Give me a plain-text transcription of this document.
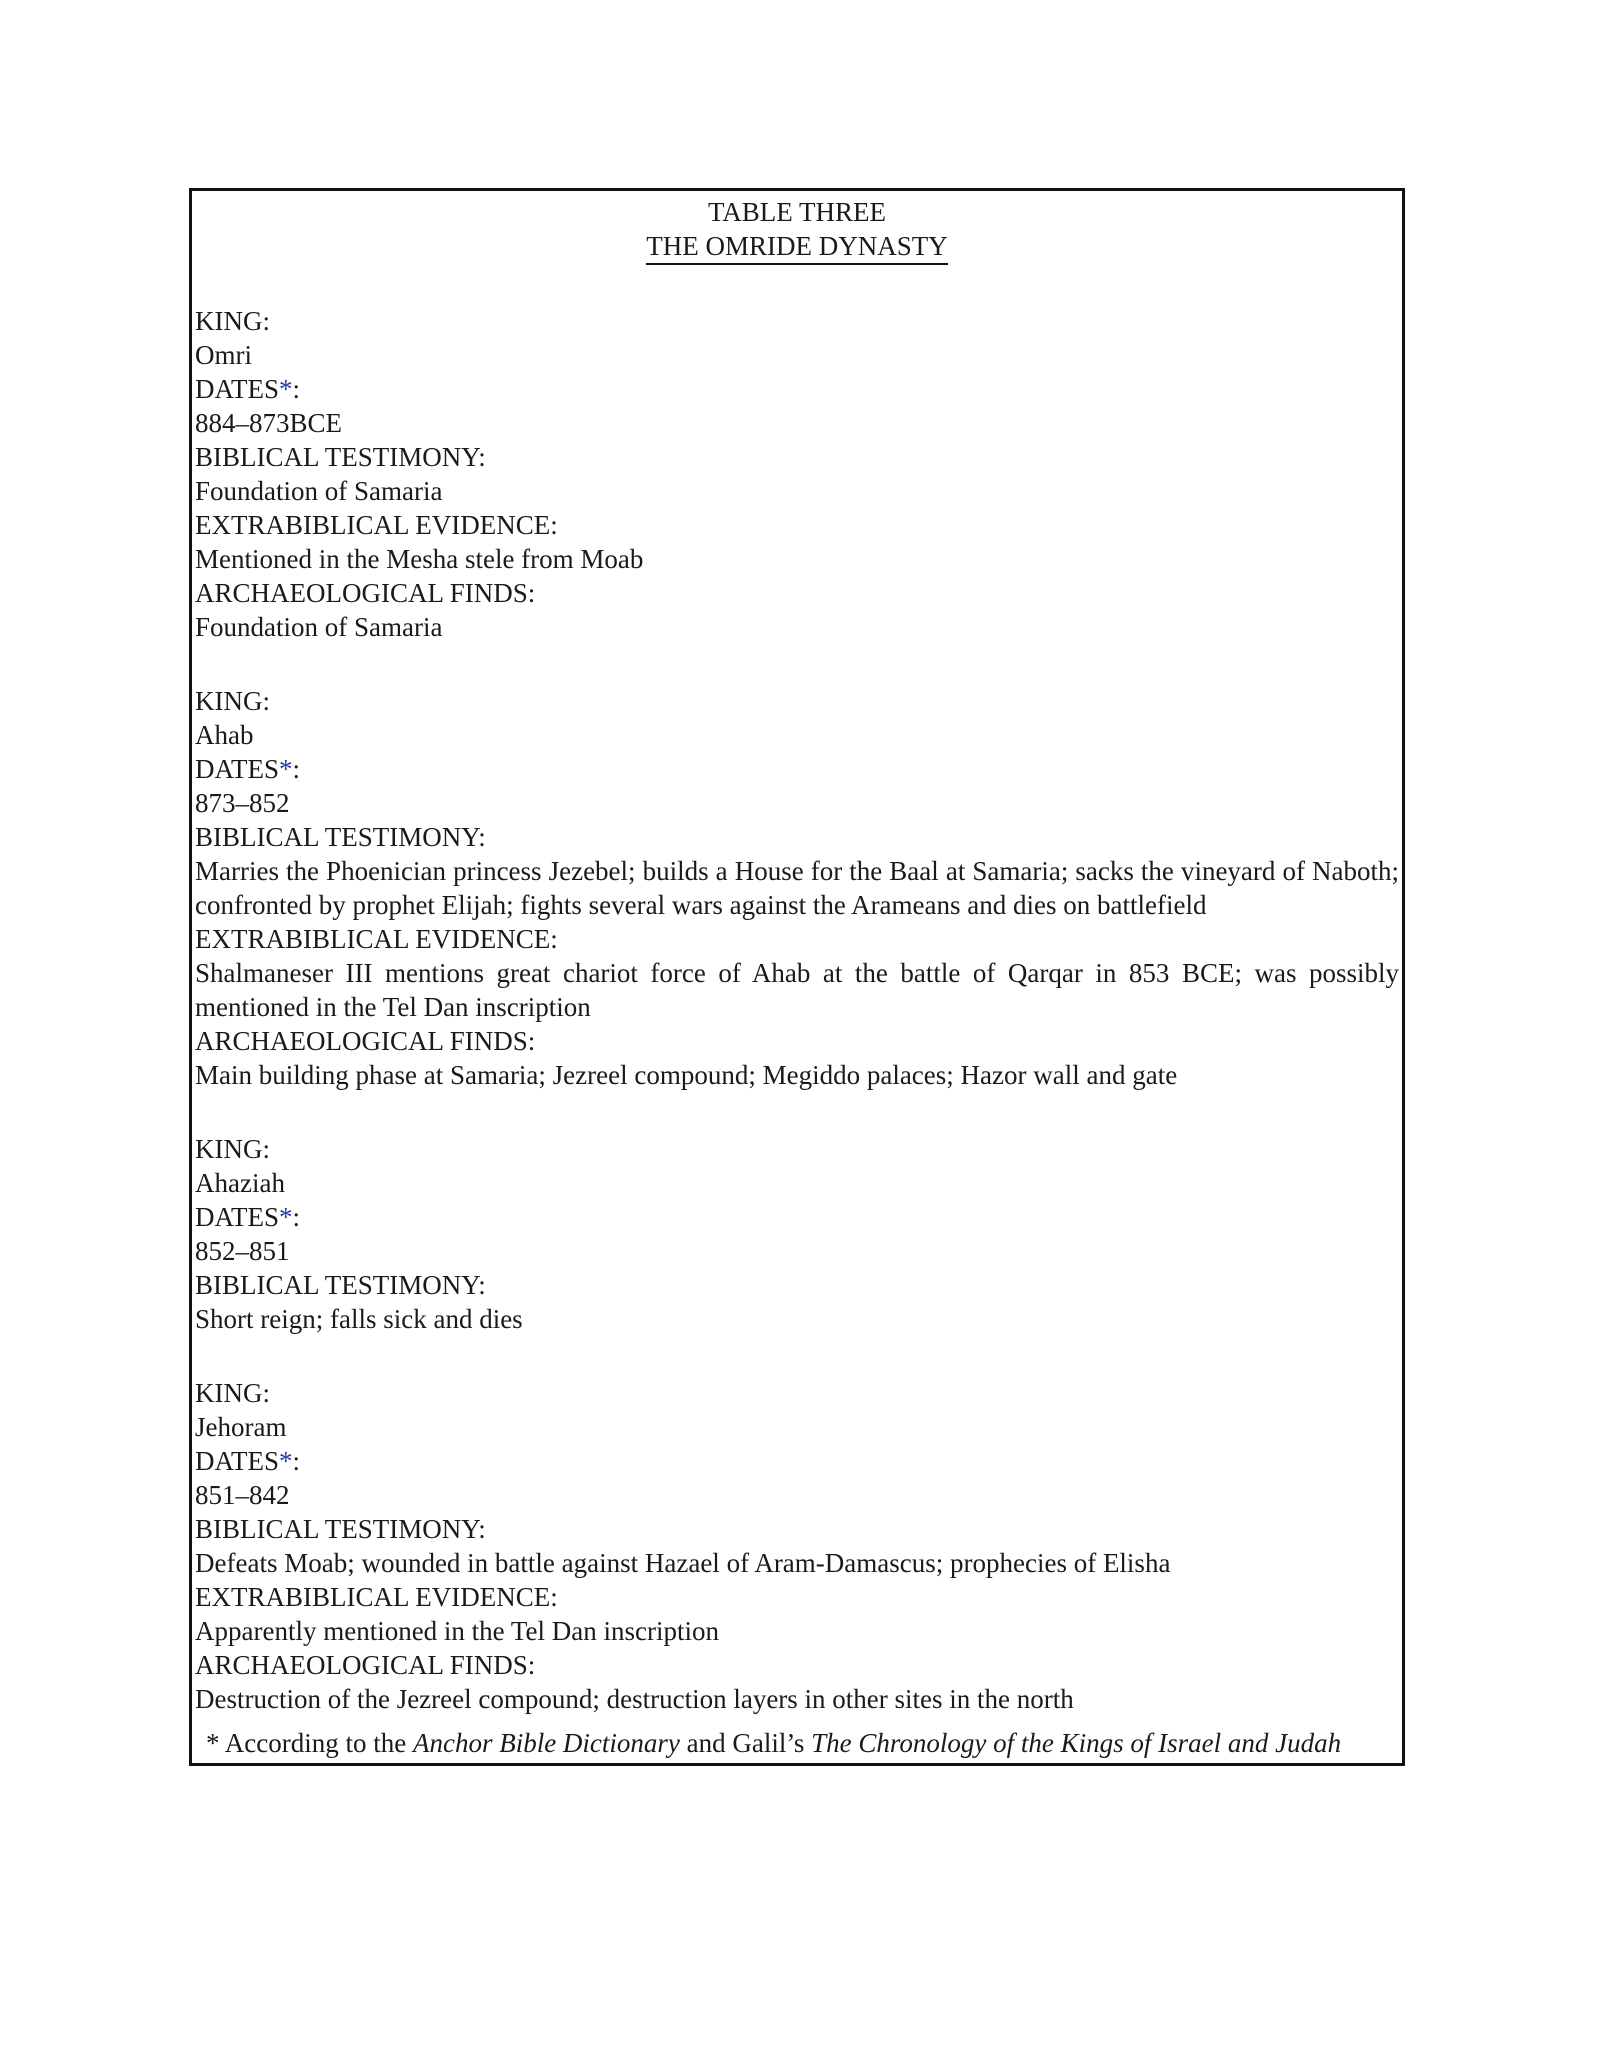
TABLE THREE
THE OMRIDE DYNASTY
KING:
Omri
DATES*:
884–873BCE
BIBLICAL TESTIMONY:
Foundation of Samaria
EXTRABIBLICAL EVIDENCE:
Mentioned in the Mesha stele from Moab
ARCHAEOLOGICAL FINDS:
Foundation of Samaria
KING:
Ahab
DATES*:
873–852
BIBLICAL TESTIMONY:
Marries the Phoenician princess Jezebel; builds a House for the Baal at Samaria; sacks the vineyard of Naboth; confronted by prophet Elijah; fights several wars against the Arameans and dies on battlefield
EXTRABIBLICAL EVIDENCE:
Shalmaneser III mentions great chariot force of Ahab at the battle of Qarqar in 853 BCE; was possibly mentioned in the Tel Dan inscription
ARCHAEOLOGICAL FINDS:
Main building phase at Samaria; Jezreel compound; Megiddo palaces; Hazor wall and gate
KING:
Ahaziah
DATES*:
852–851
BIBLICAL TESTIMONY:
Short reign; falls sick and dies
KING:
Jehoram
DATES*:
851–842
BIBLICAL TESTIMONY:
Defeats Moab; wounded in battle against Hazael of Aram-Damascus; prophecies of Elisha
EXTRABIBLICAL EVIDENCE:
Apparently mentioned in the Tel Dan inscription
ARCHAEOLOGICAL FINDS:
Destruction of the Jezreel compound; destruction layers in other sites in the north
* According to the Anchor Bible Dictionary and Galil’s The Chronology of the Kings of Israel and Judah
